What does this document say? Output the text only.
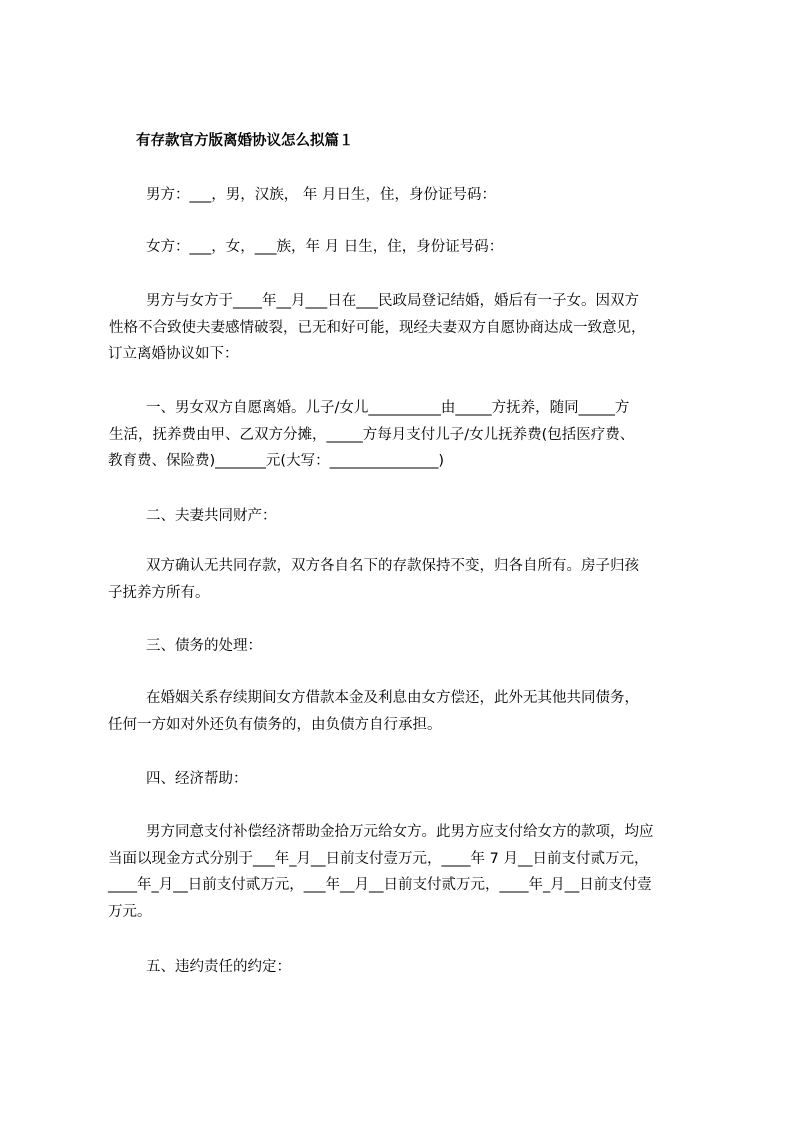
有存款官方版离婚协议怎么拟篇１
男方：___，男，汉族， 年 月日生，住，身份证号码：
女方：___，女，___族，年 月 日生，住，身份证号码：
男方与女方于____年__月___日在___民政局登记结婚，婚后有一子女。因双方
性格不合致使夫妻感情破裂，已无和好可能，现经夫妻双方自愿协商达成一致意见，
订立离婚协议如下：
一、男女双方自愿离婚。儿子/女儿__________由_____方抚养，随同_____方
生活，抚养费由甲、乙双方分摊，_____方每月支付儿子/女儿抚养费(包括医疗费、
教育费、保险费)_______元(大写：_______________)
二、夫妻共同财产：
双方确认无共同存款，双方各自名下的存款保持不变，归各自所有。房子归孩
子抚养方所有。
三、债务的处理：
在婚姻关系存续期间女方借款本金及利息由女方偿还，此外无其他共同债务，
任何一方如对外还负有债务的，由负债方自行承担。
四、经济帮助：
男方同意支付补偿经济帮助金拾万元给女方。此男方应支付给女方的款项，均应
当面以现金方式分别于___年_月__日前支付壹万元，____年 7 月__日前支付贰万元，
____年_月__日前支付贰万元，___年__月__日前支付贰万元，____年_月__日前支付壹
万元。
五、违约责任的约定：
